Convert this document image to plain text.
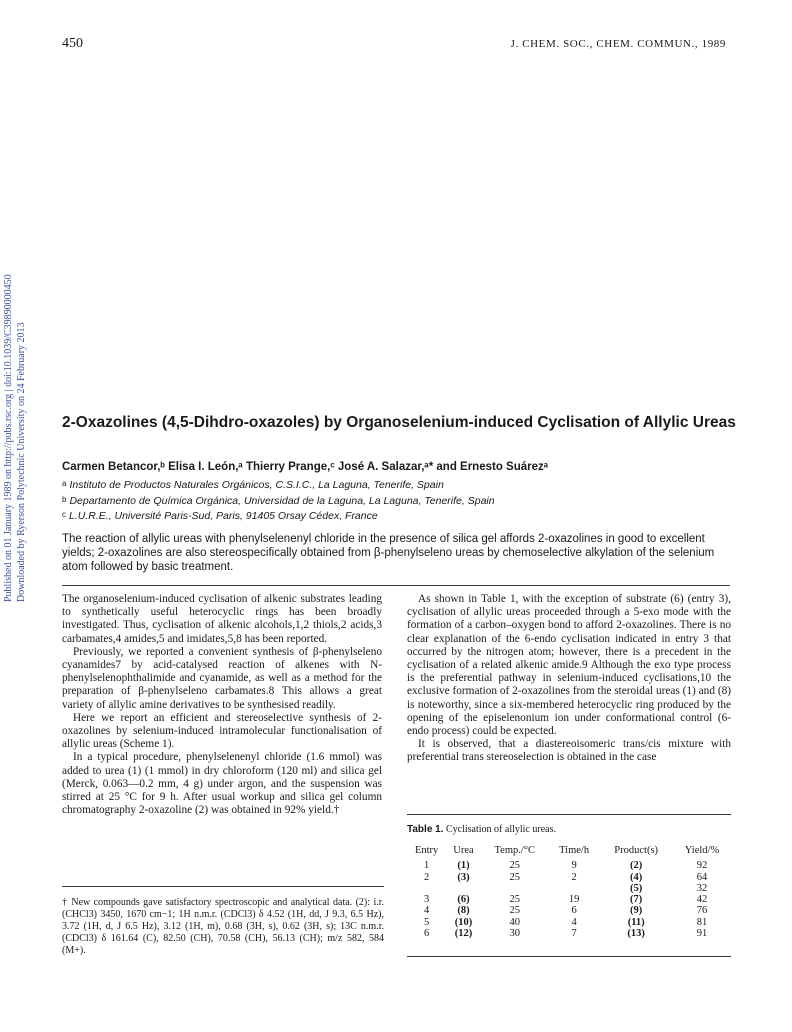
450	J. CHEM. SOC., CHEM. COMMUN., 1989
Published on 01 January 1989 on http://pubs.rsc.org | doi:10.1039/C39890000450 Downloaded by Ryerson Polytechnic University on 24 February 2013 2-Oxazolines (4,5-Dihdro-oxazoles) by Organoselenium-induced Cyclisation of Allylic Ureas
Carmen Betancor,ᵇ Elisa I. León,ᵃ Thierry Prange,ᶜ José A. Salazar,ᵃ* and Ernesto Suárezᵃ
a Instituto de Productos Naturales Orgánicos, C.S.I.C., La Laguna, Tenerife, Spain
b Departamento de Química Orgánica, Universidad de la Laguna, La Laguna, Tenerife, Spain
c L.U.R.E., Université Paris-Sud, Paris, 91405 Orsay Cédex, France
The reaction of allylic ureas with phenylselenenyl chloride in the presence of silica gel affords 2-oxazolines in good to excellent yields; 2-oxazolines are also stereospecifically obtained from β-phenylseleno ureas by chemoselective alkylation of the selenium atom followed by basic treatment.

The organoselenium-induced cyclisation of alkenic substrates leading to synthetically useful heterocyclic rings has been broadly investigated. Thus, cyclisation of alkenic alcohols,1,2 thiols,2 acids,3 carbamates,4 amides,5 and imidates,5,8 has been reported.

Previously, we reported a convenient synthesis of β-phenylseleno cyanamides7 by acid-catalysed reaction of alkenes with N-phenylselenophthalimide and cyanamide, as well as a method for the preparation of β-phenylseleno carbamates.8 This allows a great variety of allylic amine derivatives to be synthesised readily.

Here we report an efficient and stereoselective synthesis of 2-oxazolines by selenium-induced intramolecular functionalisation of allylic ureas (Scheme 1).

In a typical procedure, phenylselenenyl chloride (1.6 mmol) was added to urea (1) (1 mmol) in dry chloroform (120 ml) and silica gel (Merck, 0.063—0.2 mm, 4 g) under argon, and the suspension was stirred at 25 °C for 9 h. After usual workup and silica gel column chromatography 2-oxazoline (2) was obtained in 92% yield.†

As shown in Table 1, with the exception of substrate (6) (entry 3), cyclisation of allylic ureas proceeded through a 5-exo mode with the formation of a carbon–oxygen bond to afford 2-oxazolines. There is no clear explanation of the 6-endo cyclisation indicated in entry 3 that occurred by the nitrogen atom; however, there is a precedent in the cyclisation of a related alkenic amide.9 Although the exo type process is the preferential pathway in selenium-induced cyclisations,10 the exclusive formation of 2-oxazolines from the steroidal ureas (1) and (8) is noteworthy, since a six-membered heterocyclic ring produced by the opening of the episelenonium ion under conformational control (6-endo process) could be expected.

It is observed, that a diastereoisomeric trans/cis mixture with preferential trans stereoselection is obtained in the case

† New compounds gave satisfactory spectroscopic and analytical data. (2): i.r. (CHCl3) 3450, 1670 cm−1; 1H n.m.r. (CDCl3) δ 4.52 (1H, dd, J 9.3, 6.5 Hz), 3.72 (1H, d, J 6.5 Hz), 3.12 (1H, m), 0.68 (3H, s), 0.62 (3H, s); 13C n.m.r. (CDCl3) δ 161.64 (C), 82.50 (CH), 70.58 (CH), 56.13 (CH); m/z 582, 584 (M+).

Table 1. Cyclisation of allylic ureas.
Entry	Urea	Temp./°C	Time/h	Product(s)	Yield/%
1	(1)	25	9	(2)	92
2	(3)	25	2	(4)	64
				(5)	32
3	(6)	25	19	(7)	42
4	(8)	25	6	(9)	76
5	(10)	40	4	(11)	81
6	(12)	30	7	(13)	91
